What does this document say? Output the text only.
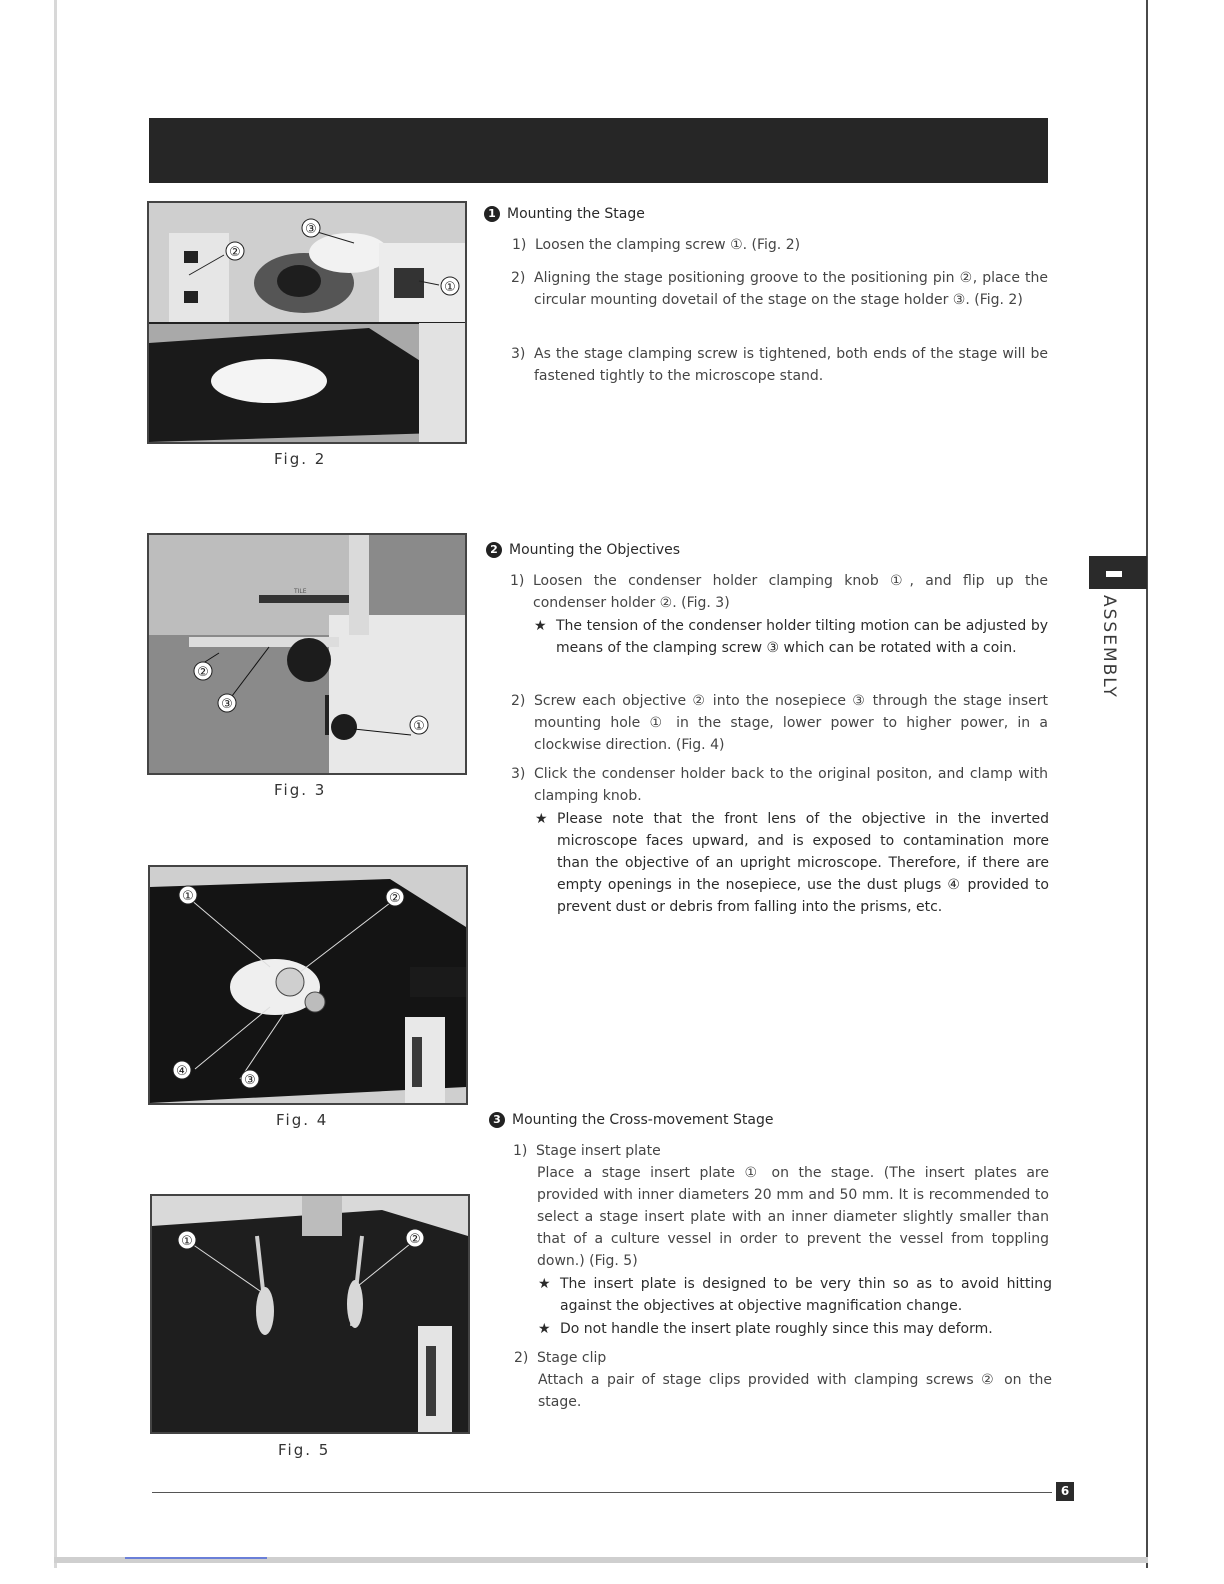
③
②
①
Fig. 2
TILE
②
③
①
Fig. 3
①	②
④
③
Fig. 4
①	②
Fig. 5
1 Mounting the Stage
1) Loosen the clamping screw ①. (Fig. 2)
2) Aligning the stage positioning groove to the positioning pin ②, place the circular mounting dovetail of the stage on the stage holder ③. (Fig. 2)
3) As the stage clamping screw is tightened, both ends of the stage will be fastened tightly to the microscope stand.
2 Mounting the Objectives
1) Loosen the condenser holder clamping knob ①, and flip up the condenser holder ②. (Fig. 3)
★ The tension of the condenser holder tilting motion can be adjusted by means of the clamping screw ③ which can be rotated with a coin.
2) Screw each objective ② into the nosepiece ③ through the stage insert mounting hole ① in the stage, lower power to higher power, in a clockwise direction. (Fig. 4)
3) Click the condenser holder back to the original positon, and clamp with clamping knob.
★ Please note that the front lens of the objective in the inverted microscope faces upward, and is exposed to contamination more than the objective of an upright microscope. Therefore, if there are empty openings in the nosepiece, use the dust plugs ④ provided to prevent dust or debris from falling into the prisms, etc.
3 Mounting the Cross-movement Stage
1) Stage insert plate
Place a stage insert plate ① on the stage. (The insert plates are provided with inner diameters 20 mm and 50 mm. It is recommended to select a stage insert plate with an inner diameter slightly smaller than that of a culture vessel in order to prevent the vessel from toppling down.) (Fig. 5)
★ The insert plate is designed to be very thin so as to avoid hitting against the objectives at objective magnification change.
★ Do not handle the insert plate roughly since this may deform.
2) Stage clip
Attach a pair of stage clips provided with clamping screws ② on the stage.
ASSEMBLY
6
